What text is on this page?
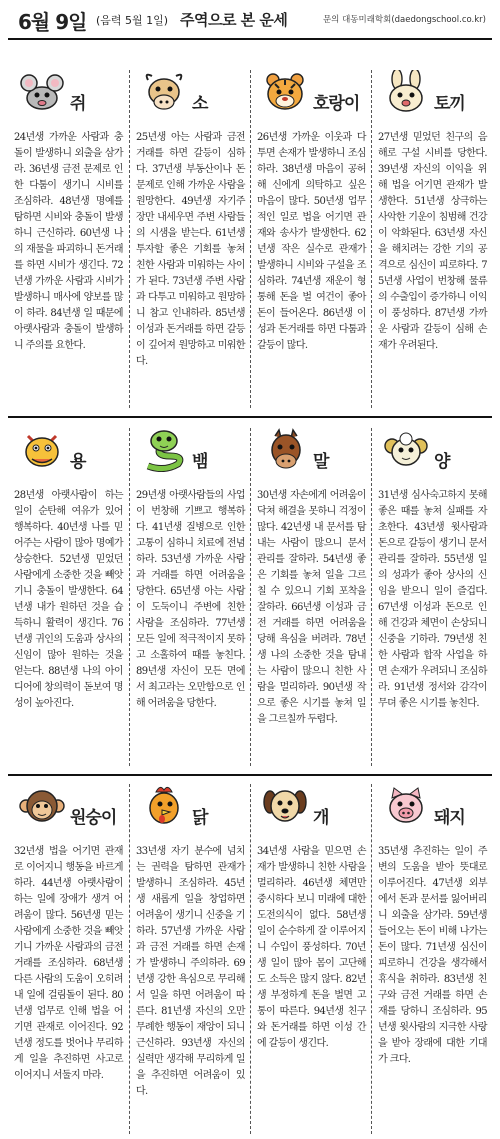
6월 9일 (음력 5월 1일) 주역으로 본 운세	문의 대동미래학회(daedongschool.co.kr)
쥐
24년생 가까운 사람과 충돌이 발생하니 외출을 삼가라. 36년생 금전 문제로 인한 다툼이 생기니 시비를 조심하라. 48년생 명예를 탐하면 시비와 충돌이 발생하니 근신하라. 60년생 나의 재물을 파괴하니 돈거래를 하면 시비가 생긴다. 72년생 가까운 사람과 시비가 발생하니 매사에 양보를 많이 하라. 84년생 일 때문에 아랫사람과 충돌이 발생하니 주의를 요한다.
소
25년생 아는 사람과 금전 거래를 하면 갈등이 심하다. 37년생 부동산이나 돈 문제로 인해 가까운 사람을 원망한다. 49년생 자기주장만 내세우면 주변 사람들의 시샘을 받는다. 61년생 투자할 좋은 기회를 놓쳐 친한 사람과 미워하는 사이가 된다. 73년생 주변 사람과 다투고 미워하고 원망하니 참고 인내하라. 85년생 이성과 돈거래를 하면 갈등이 깊어져 원망하고 미워한다.
호랑이
26년생 가까운 이웃과 다투면 손재가 발생하니 조심하라. 38년생 마음이 공허해 신에게 의탁하고 싶은 마음이 많다. 50년생 업무적인 일로 법을 어기면 관재와 송사가 발생한다. 62년생 작은 실수로 관재가 발생하니 시비와 구설을 조심하라. 74년생 재운이 형통해 돈을 벌 여건이 좋아 돈이 들어온다. 86년생 이성과 돈거래를 하면 다툼과 갈등이 많다.
토끼
27년생 믿었던 친구의 음해로 구설 시비를 당한다. 39년생 자신의 이익을 위해 법을 어기면 관재가 발생한다. 51년생 상극하는 사악한 기운이 침범해 건강이 악화된다. 63년생 자신을 해치려는 강한 기의 공격으로 심신이 피로하다. 75년생 사업이 번창해 물류의 수출입이 증가하니 이익이 풍성하다. 87년생 가까운 사람과 갈등이 심해 손재가 우려된다.
용
28년생 아랫사람이 하는 일이 순탄해 여유가 있어 행복하다. 40년생 나를 믿어주는 사람이 많아 명예가 상승한다. 52년생 믿었던 사람에게 소중한 것을 빼앗기니 충돌이 발생한다. 64년생 내가 원하던 것을 습득하니 활력이 생긴다. 76년생 귀인의 도움과 상사의 신임이 많아 원하는 것을 얻는다. 88년생 나의 아이디어에 창의력이 돋보여 명성이 높아진다.
뱀
29년생 아랫사람들의 사업이 번창해 기쁘고 행복하다. 41년생 질병으로 인한 고통이 심하니 치료에 전념하라. 53년생 가까운 사람과 거래를 하면 어려움을 당한다. 65년생 아는 사람이 도둑이니 주변에 친한 사람을 조심하라. 77년생 모든 일에 적극적이지 못하고 소홀하여 때를 놓친다. 89년생 자신이 모든 면에서 최고라는 오만함으로 인해 어려움을 당한다.
말
30년생 자손에게 어려움이 닥쳐 해결을 못하니 걱정이 많다. 42년생 내 문서를 탐내는 사람이 많으니 문서 관리를 잘하라. 54년생 좋은 기회를 놓쳐 일을 그르칠 수 있으니 기회 포착을 잘하라. 66년생 이성과 금전 거래를 하면 어려움을 당해 욕심을 버려라. 78년생 나의 소중한 것을 탐내는 사람이 많으니 친한 사람을 멀리하라. 90년생 작으로 좋은 시기를 놓쳐 일을 그르칠까 두렵다.
양
31년생 심사숙고하지 못해 좋은 때를 놓쳐 실패를 자초한다. 43년생 윗사람과 돈으로 갈등이 생기니 문서 관리를 잘하라. 55년생 일의 성과가 좋아 상사의 신임을 받으니 일이 즐겁다. 67년생 이성과 돈으로 인해 건강과 체면이 손상되니 신중을 기하라. 79년생 친한 사람과 합작 사업을 하면 손재가 우려되니 조심하라. 91년생 정서와 감각이 무뎌 좋은 시기를 놓친다.
원숭이
32년생 법을 어기면 관재로 이어지니 행동을 바르게 하라. 44년생 아랫사람이 하는 일에 장애가 생겨 어려움이 많다. 56년생 믿는 사람에게 소중한 것을 빼앗기니 가까운 사람과의 금전 거래를 조심하라. 68년생 다른 사람의 도움이 오히려 내 일에 걸림돌이 된다. 80년생 업무로 인해 법을 어기면 관재로 이어진다. 92년생 정도를 벗어나 무리하게 일을 추진하면 사고로 이어지니 서둘지 마라.
닭
33년생 자기 분수에 넘치는 권력을 탐하면 관재가 발생하니 조심하라. 45년생 새롭게 일을 창업하면 어려움이 생기니 신중을 기하라. 57년생 가까운 사람과 금전 거래를 하면 손재가 발생하니 주의하라. 69년생 강한 욕심으로 무리해서 일을 하면 어려움이 따른다. 81년생 자신의 오만 무례한 행동이 재앙이 되니 근신하라. 93년생 자신의 실력만 생각해 무리하게 일을 추진하면 어려움이 있다.
개
34년생 사람을 믿으면 손재가 발생하니 친한 사람을 멀리하라. 46년생 체면만 중시하다 보니 미래에 대한 도전의식이 없다. 58년생 일이 순수하게 잘 이루어지니 수입이 풍성하다. 70년생 일이 많아 몸이 고단해도 소득은 많지 않다. 82년생 부정하게 돈을 벌면 고통이 따른다. 94년생 친구와 돈거래를 하면 이성 간에 갈등이 생긴다.
돼지
35년생 추진하는 일이 주변의 도움을 받아 뜻대로 이루어진다. 47년생 외부에서 돈과 문서를 잃어버리니 외출을 삼가라. 59년생 들어오는 돈이 비해 나가는 돈이 많다. 71년생 심신이 피로하니 건강을 생각해서 휴식을 취하라. 83년생 친구와 금전 거래를 하면 손재를 당하니 조심하라. 95년생 윗사람의 지극한 사랑을 받아 장래에 대한 기대가 크다.
